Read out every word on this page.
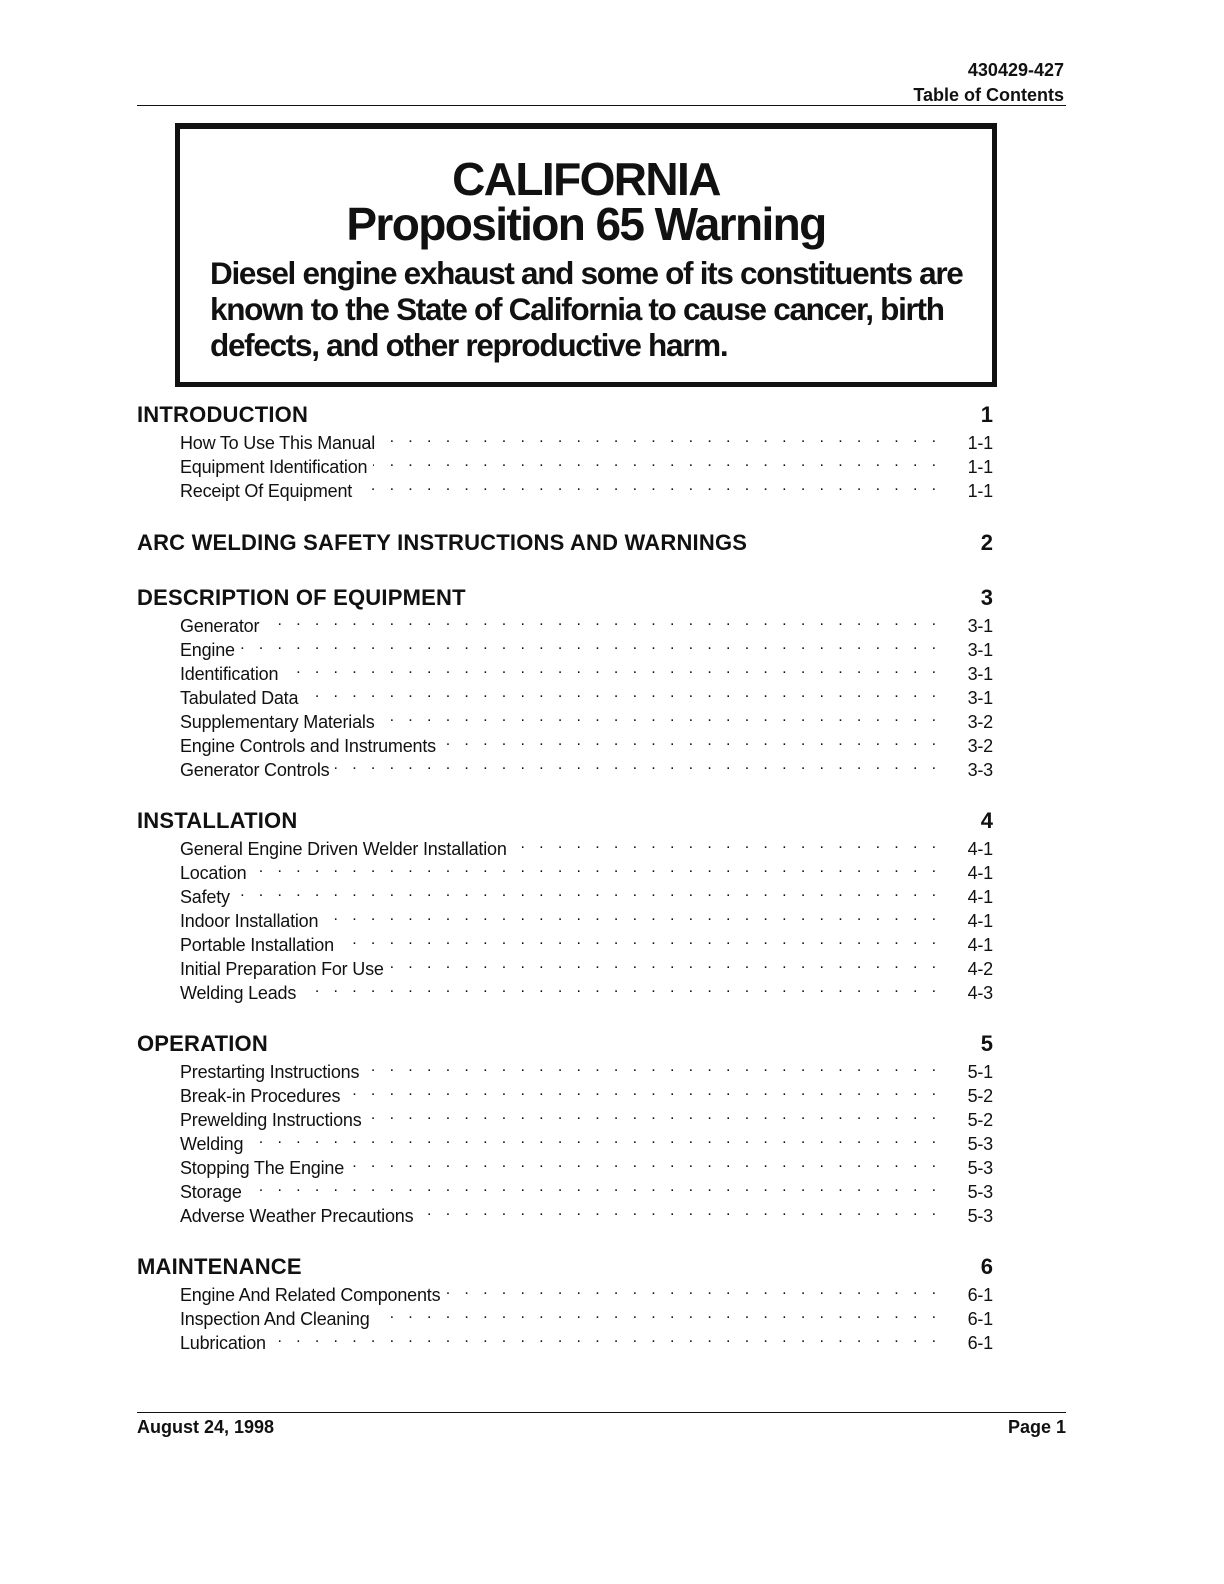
430429-427
Table of Contents
CALIFORNIA
Proposition 65 Warning
Diesel engine exhaust and some of its constituents are known to the State of California to cause cancer, birth defects, and other reproductive harm.
INTRODUCTION	1
How To Use This Manual . . .	1-1
Equipment Identification . . .	1-1
Receipt Of Equipment . . .	1-1
ARC WELDING SAFETY INSTRUCTIONS AND WARNINGS	2
DESCRIPTION OF EQUIPMENT	3
Generator . . .	3-1
Engine . . .	3-1
Identification . . .	3-1
Tabulated Data . . .	3-1
Supplementary Materials . . .	3-2
Engine Controls and Instruments . . .	3-2
Generator Controls . . .	3-3
INSTALLATION	4
General Engine Driven Welder Installation . . .	4-1
Location . . .	4-1
Safety . . .	4-1
Indoor Installation . . .	4-1
Portable Installation . . .	4-1
Initial Preparation For Use . . .	4-2
Welding Leads . . .	4-3
OPERATION	5
Prestarting Instructions . . .	5-1
Break-in Procedures . . .	5-2
Prewelding Instructions . . .	5-2
Welding . . .	5-3
Stopping The Engine . . .	5-3
Storage . . .	5-3
Adverse Weather Precautions . . .	5-3
MAINTENANCE	6
Engine And Related Components . . .	6-1
Inspection And Cleaning . . .	6-1
Lubrication . . .	6-1
August 24, 1998	Page 1
